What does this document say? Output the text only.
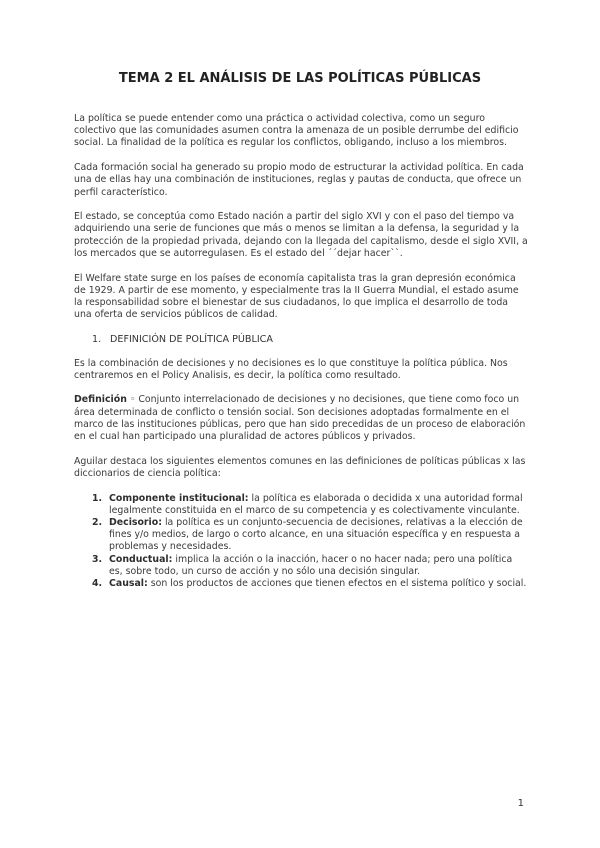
TEMA 2 EL ANÁLISIS DE LAS POLÍTICAS PÚBLICAS

La política se puede entender como una práctica o actividad colectiva, como un seguro colectivo que las comunidades asumen contra la amenaza de un posible derrumbe del edificio social. La finalidad de la política es regular los conflictos, obligando, incluso a los miembros.

Cada formación social ha generado su propio modo de estructurar la actividad política. En cada una de ellas hay una combinación de instituciones, reglas y pautas de conducta, que ofrece un perfil característico.

El estado, se conceptúa como Estado nación a partir del siglo XVI y con el paso del tiempo va adquiriendo una serie de funciones que más o menos se limitan a la defensa, la seguridad y la protección de la propiedad privada, dejando con la llegada del capitalismo, desde el siglo XVII, a los mercados que se autorregulasen. Es el estado del ´´dejar hacer``.

El Welfare state surge en los países de economía capitalista tras la gran depresión económica de 1929. A partir de ese momento, y especialmente tras la II Guerra Mundial, el estado asume la responsabilidad sobre el bienestar de sus ciudadanos, lo que implica el desarrollo de toda una oferta de servicios públicos de calidad.

1. DEFINICIÓN DE POLÍTICA PÚBLICA

Es la combinación de decisiones y no decisiones es lo que constituye la política pública. Nos centraremos en el Policy Analisis, es decir, la política como resultado.

Definición ◦ Conjunto interrelacionado de decisiones y no decisiones, que tiene como foco un área determinada de conflicto o tensión social. Son decisiones adoptadas formalmente en el marco de las instituciones públicas, pero que han sido precedidas de un proceso de elaboración en el cual han participado una pluralidad de actores públicos y privados.

Aguilar destaca los siguientes elementos comunes en las definiciones de políticas públicas x las diccionarios de ciencia política:

1. Componente institucional: la política es elaborada o decidida x una autoridad formal legalmente constituida en el marco de su competencia y es colectivamente vinculante.
2. Decisorio: la política es un conjunto-secuencia de decisiones, relativas a la elección de fines y/o medios, de largo o corto alcance, en una situación específica y en respuesta a problemas y necesidades.
3. Conductual: implica la acción o la inacción, hacer o no hacer nada; pero una política es, sobre todo, un curso de acción y no sólo una decisión singular.
4. Causal: son los productos de acciones que tienen efectos en el sistema político y social.
1
